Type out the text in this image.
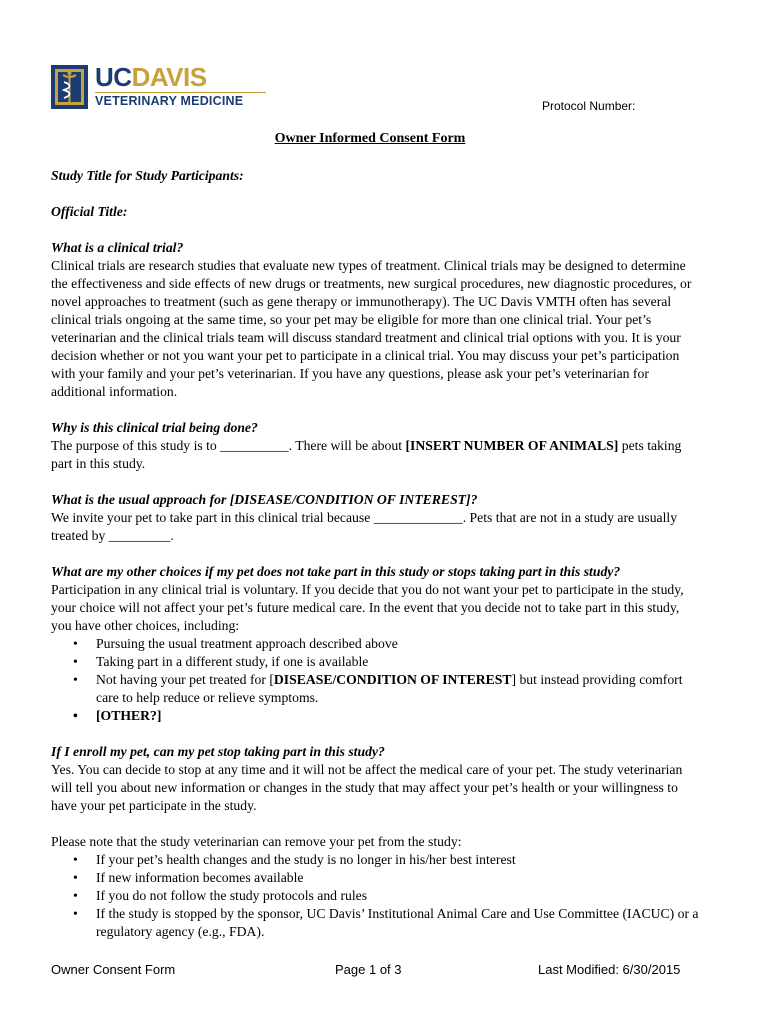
UCDAVIS
VETERINARY MEDICINE	Protocol Number:
Owner Informed Consent Form

Study Title for Study Participants:

Official Title:

What is a clinical trial?

Clinical trials are research studies that evaluate new types of treatment. Clinical trials may be designed to determine the effectiveness and side effects of new drugs or treatments, new surgical procedures, new diagnostic procedures, or novel approaches to treatment (such as gene therapy or immunotherapy). The UC Davis VMTH often has several clinical trials ongoing at the same time, so your pet may be eligible for more than one clinical trial. Your pet’s veterinarian and the clinical trials team will discuss standard treatment and clinical trial options with you. It is your decision whether or not you want your pet to participate in a clinical trial. You may discuss your pet’s participation with your family and your pet’s veterinarian. If you have any questions, please ask your pet’s veterinarian for additional information.

Why is this clinical trial being done?

The purpose of this study is to __________. There will be about [INSERT NUMBER OF ANIMALS] pets taking part in this study.

What is the usual approach for [DISEASE/CONDITION OF INTEREST]?

We invite your pet to take part in this clinical trial because _____________. Pets that are not in a study are usually treated by _________.

What are my other choices if my pet does not take part in this study or stops taking part in this study?

Participation in any clinical trial is voluntary. If you decide that you do not want your pet to participate in the study, your choice will not affect your pet’s future medical care. In the event that you decide not to take part in this study, you have other choices, including:

• Pursuing the usual treatment approach described above
• Taking part in a different study, if one is available
• Not having your pet treated for [DISEASE/CONDITION OF INTEREST] but instead providing comfort care to help reduce or relieve symptoms.
• [OTHER?]

If I enroll my pet, can my pet stop taking part in this study?

Yes. You can decide to stop at any time and it will not be affect the medical care of your pet. The study veterinarian will tell you about new information or changes in the study that may affect your pet’s health or your willingness to have your pet participate in the study.

Please note that the study veterinarian can remove your pet from the study:

• If your pet’s health changes and the study is no longer in his/her best interest
• If new information becomes available
• If you do not follow the study protocols and rules
• If the study is stopped by the sponsor, UC Davis’ Institutional Animal Care and Use Committee (IACUC) or a regulatory agency (e.g., FDA).
Owner Consent Form	Page 1 of 3	Last Modified: 6/30/2015
